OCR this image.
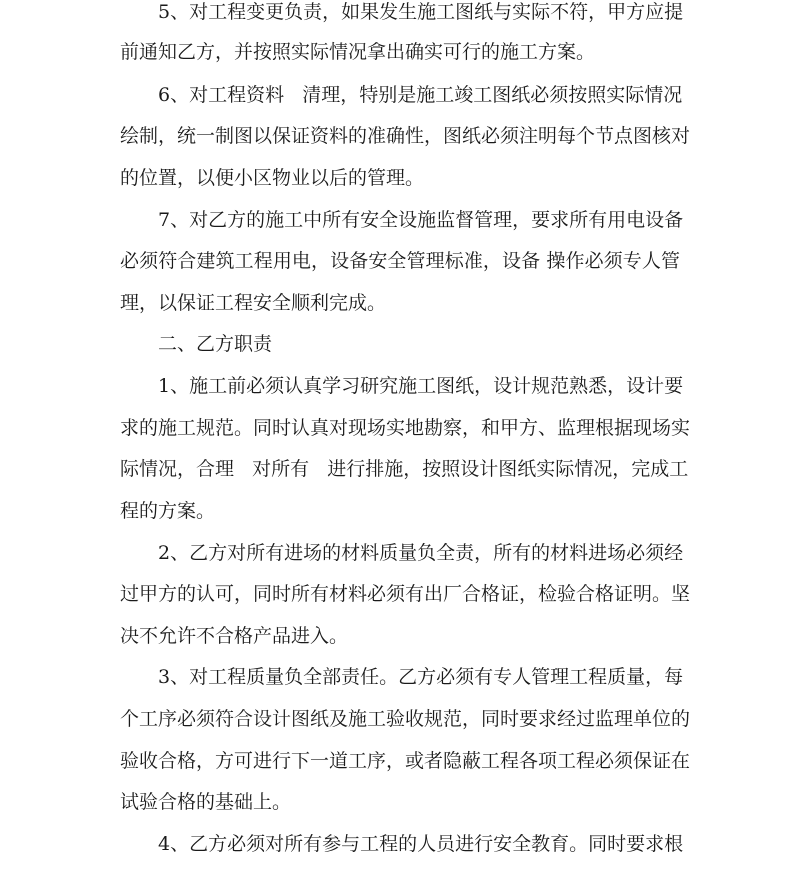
5、对工程变更负责，如果发生施工图纸与实际不符，甲方应提

前通知乙方，并按照实际情况拿出确实可行的施工方案。

6、对工程资料   清理，特别是施工竣工图纸必须按照实际情况

绘制，统一制图以保证资料的准确性，图纸必须注明每个节点图核对

的位置，以便小区物业以后的管理。

7、对乙方的施工中所有安全设施监督管理，要求所有用电设备

必须符合建筑工程用电，设备安全管理标准，设备 操作必须专人管

理，以保证工程安全顺利完成。

二、乙方职责

1、施工前必须认真学习研究施工图纸，设计规范熟悉，设计要

求的施工规范。同时认真对现场实地勘察，和甲方、监理根据现场实

际情况，合理   对所有   进行排施，按照设计图纸实际情况，完成工

程的方案。

2、乙方对所有进场的材料质量负全责，所有的材料进场必须经

过甲方的认可，同时所有材料必须有出厂合格证，检验合格证明。坚

决不允许不合格产品进入。

3、对工程质量负全部责任。乙方必须有专人管理工程质量，每

个工序必须符合设计图纸及施工验收规范，同时要求经过监理单位的

验收合格，方可进行下一道工序，或者隐蔽工程各项工程必须保证在

试验合格的基础上。

4、乙方必须对所有参与工程的人员进行安全教育。同时要求根
